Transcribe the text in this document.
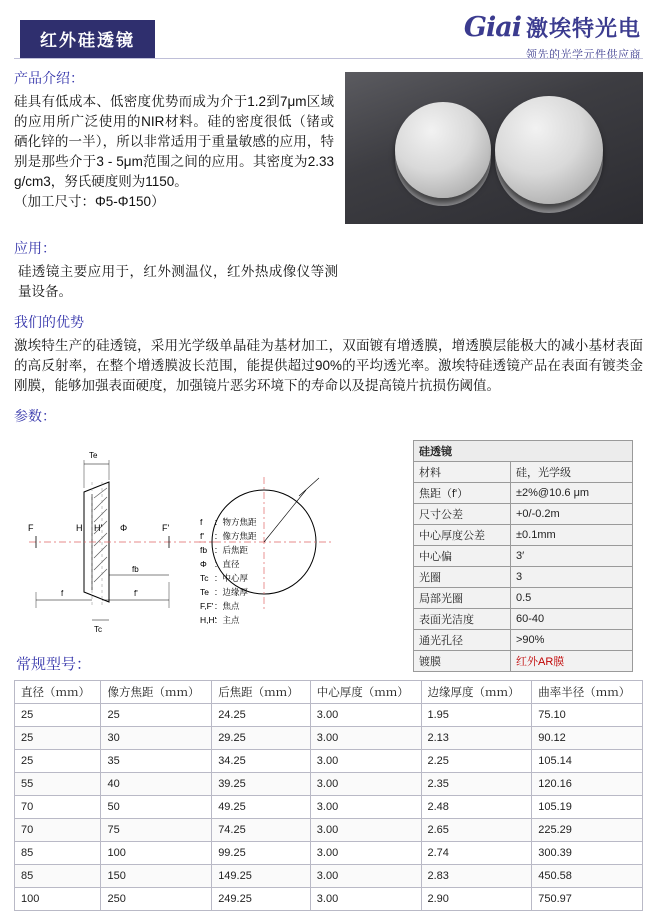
红外硅透镜	Giai 激埃特光电
领先的光学元件供应商
产品介绍：
硅具有低成本、低密度优势而成为介于1.2到7μm区域的应用所广泛使用的NIR材料。硅的密度很低（锗或硒化锌的一半），所以非常适用于重量敏感的应用，特别是那些介于3 - 5μm范围之间的应用。其密度为2.33 g/cm3，努氏硬度则为1150。
（加工尺寸：Φ5-Φ150）
应用：
硅透镜主要应用于，红外测温仪，红外热成像仪等测量设备。
我们的优势
激埃特生产的硅透镜，采用光学级单晶硅为基材加工，双面镀有增透膜，增透膜层能极大的减小基材表面的高反射率，在整个增透膜波长范围，能提供超过90%的平均透光率。激埃特硅透镜产品在表面有镀类金刚膜，能够加强表面硬度，加强镜片恶劣环境下的寿命以及提高镜片抗损伤阈值。
参数：
Te
Tc
F	H H' Φ	F'
fb
f	f'
f ：物方焦距
f' ：像方焦距
fb ：后焦距
Φ ：直径
Tc ：中心厚
Te ：边缘厚
F,F' ：焦点
H,H'
：主点
硅透镜	
材料	硅，光学级
焦距（f'）	±2%@10.6 μm
尺寸公差	+0/-0.2m
中心厚度公差	±0.1mm
中心偏	3′
光圈	3
局部光圈	0.5
表面光洁度	60-40
通光孔径	>90%
镀膜	红外AR膜
常规型号：
直径（ｍｍ）	像方焦距（ｍｍ）	后焦距（ｍｍ）	中心厚度（ｍｍ）	边缘厚度（ｍｍ）	曲率半径（ｍｍ）
25	25	24.25	3.00	1.95	75.10
25	30	29.25	3.00	2.13	90.12
25	35	34.25	3.00	2.25	105.14
55	40	39.25	3.00	2.35	120.16
70	50	49.25	3.00	2.48	105.19
70	75	74.25	3.00	2.65	225.29
85	100	99.25	3.00	2.74	300.39
85	150	149.25	3.00	2.83	450.58
100	250	249.25	3.00	2.90	750.97
